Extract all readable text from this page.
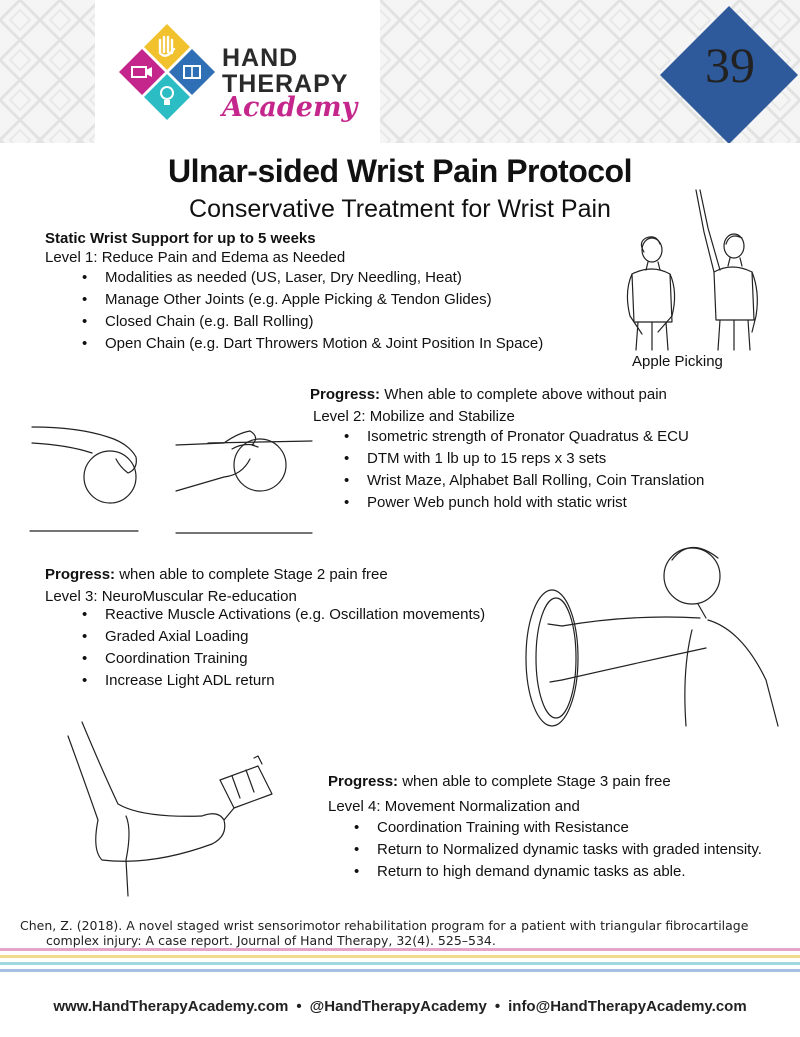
HAND
THERAPY
Academy
39
Ulnar-sided Wrist Pain Protocol
Conservative Treatment for Wrist Pain
Static Wrist Support for up to 5 weeks
Level 1: Reduce Pain and Edema as Needed
• Modalities as needed (US, Laser, Dry Needling, Heat)
• Manage Other Joints (e.g. Apple Picking & Tendon Glides)
• Closed Chain (e.g. Ball Rolling)
• Open Chain (e.g. Dart Throwers Motion & Joint Position In Space)
Apple Picking
Progress: When able to complete above without pain
Level 2: Mobilize and Stabilize
• Isometric strength of Pronator Quadratus & ECU
• DTM with 1 lb up to 15 reps x 3 sets
• Wrist Maze, Alphabet Ball Rolling, Coin Translation
• Power Web punch hold with static wrist
Progress: when able to complete Stage 2 pain free
Level 3: NeuroMuscular Re-education
• Reactive Muscle Activations (e.g. Oscillation movements)
• Graded Axial Loading
• Coordination Training
• Increase Light ADL return
Progress: when able to complete Stage 3 pain free
Level 4: Movement Normalization and
• Coordination Training with Resistance
• Return to Normalized dynamic tasks with graded intensity.
• Return to high demand dynamic tasks as able.
Chen, Z. (2018). A novel staged wrist sensorimotor rehabilitation program for a patient with triangular fibrocartilage
complex injury: A case report. Journal of Hand Therapy, 32(4). 525–534.
www.HandTherapyAcademy.com • @HandTherapyAcademy • info@HandTherapyAcademy.com
